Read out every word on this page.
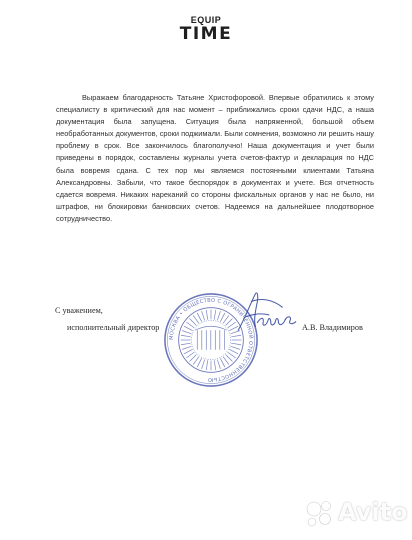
EQUIP
TIME
Выражаем благодарность Татьяне Христофоровой. Впервые обратились к этому специалисту в критический для нас момент – приближались сроки сдачи НДС, а наша документация была запущена. Ситуация была напряженной, большой объем необработанных документов, сроки поджимали. Были сомнения, возможно ли решить нашу проблему в срок. Все закончилось благополучно! Наша документация и учет были приведены в порядок, составлены журналы учета счетов-фактур и декларация по НДС была вовремя сдана. С тех пор мы являемся постоянными клиентами Татьяна Александровны. Забыли, что такое беспорядок в документах и учете. Вся отчетность сдается вовремя. Никаких нареканий со стороны фискальных органов у нас не было, ни штрафов, ни блокировки банковских счетов. Надеемся на дальнейшее плодотворное сотрудничество.
С уважением,
исполнительный директор	А.В. Владимиров
МОСКВА • ОБЩЕСТВО С ОГРАНИЧЕННОЙ ОТВЕТСТВЕННОСТЬЮ
Avito
